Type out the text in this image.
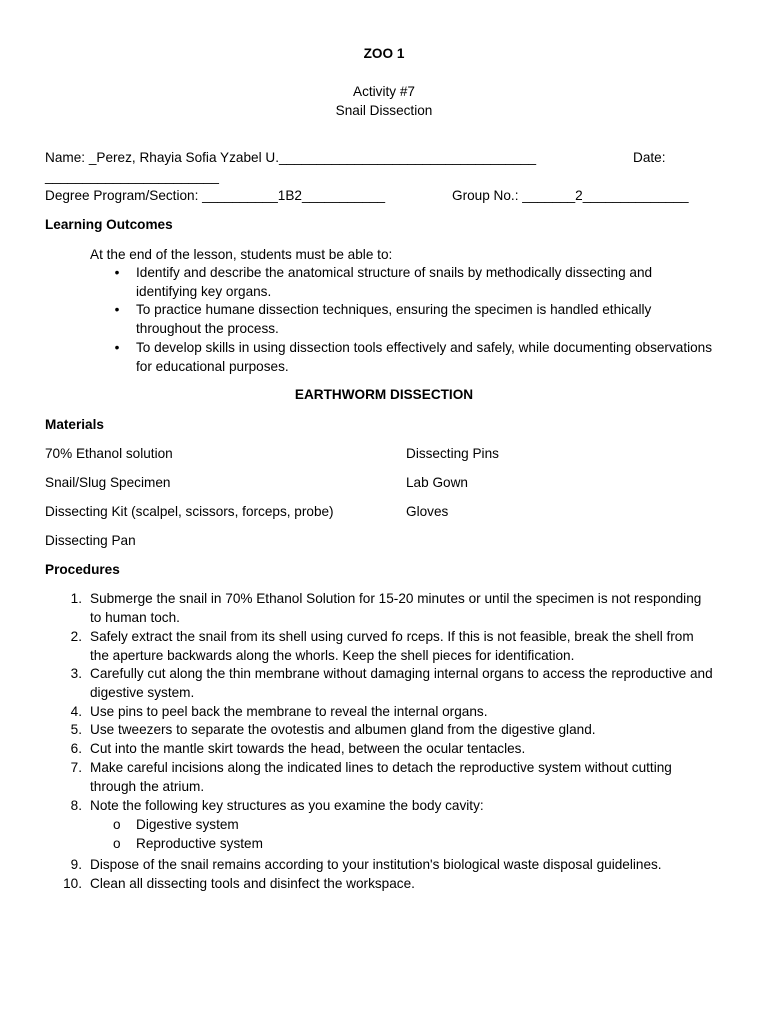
ZOO 1
Activity #7
Snail Dissection
Name: _Perez, Rhayia Sofia Yzabel U.__________________________________	Date:
_______________________
Degree Program/Section: __________1B2___________	Group No.: _______2______________
Learning Outcomes
At the end of the lesson, students must be able to:
• Identify and describe the anatomical structure of snails by methodically dissecting and
identifying key organs.
• To practice humane dissection techniques, ensuring the specimen is handled ethically
throughout the process.
• To develop skills in using dissection tools effectively and safely, while documenting observations
for educational purposes.
EARTHWORM DISSECTION
Materials
70% Ethanol solution	Dissecting Pins
Snail/Slug Specimen	Lab Gown
Dissecting Kit (scalpel, scissors, forceps, probe)	Gloves
Dissecting Pan
Procedures
1. Submerge the snail in 70% Ethanol Solution for 15-20 minutes or until the specimen is not responding
to human toch.
2. Safely extract the snail from its shell using curved fo rceps. If this is not feasible, break the shell from
the aperture backwards along the whorls. Keep the shell pieces for identification.
3. Carefully cut along the thin membrane without damaging internal organs to access the reproductive and
digestive system.
4. Use pins to peel back the membrane to reveal the internal organs.
5. Use tweezers to separate the ovotestis and albumen gland from the digestive gland.
6. Cut into the mantle skirt towards the head, between the ocular tentacles.
7. Make careful incisions along the indicated lines to detach the reproductive system without cutting
through the atrium.
8. Note the following key structures as you examine the body cavity:
o Digestive system
o Reproductive system
9. Dispose of the snail remains according to your institution's biological waste disposal guidelines.
10. Clean all dissecting tools and disinfect the workspace.
